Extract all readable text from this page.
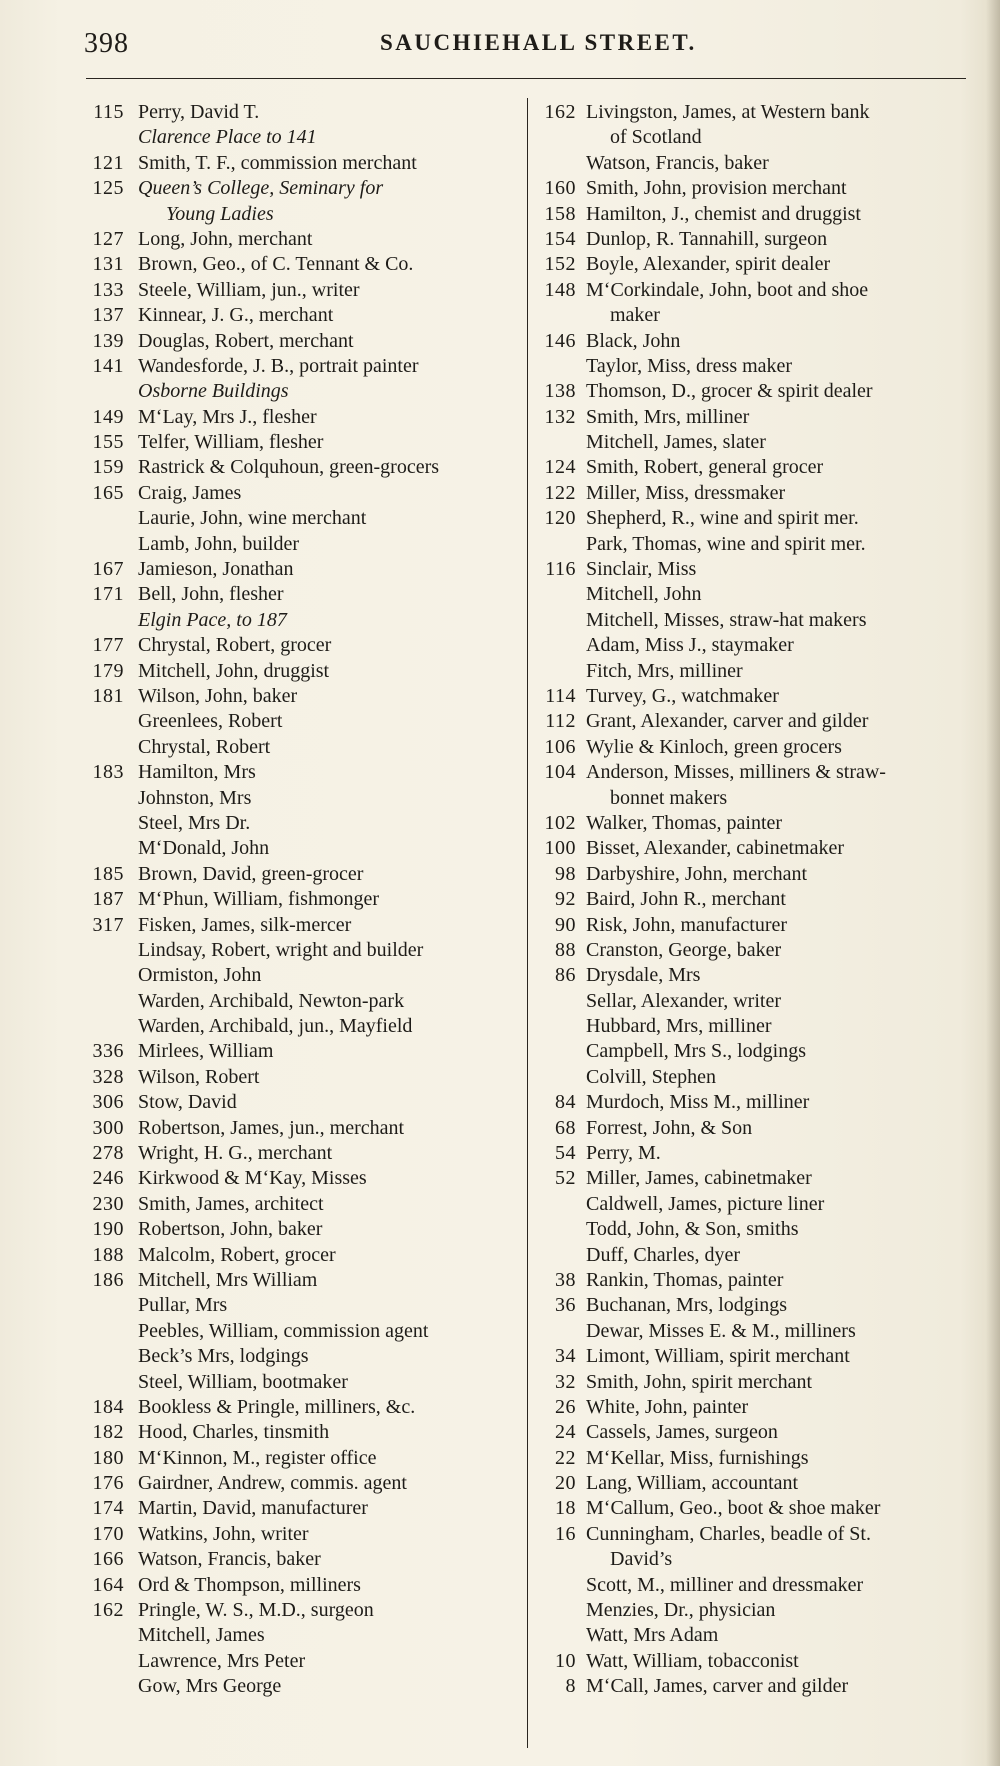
398	SAUCHIEHALL STREET.
115 Perry, David T.
Clarence Place to 141
121 Smith, T. F., commission merchant
125 Queen’s College, Seminary for
Young Ladies
127 Long, John, merchant
131 Brown, Geo., of C. Tennant & Co.
133 Steele, William, jun., writer
137 Kinnear, J. G., merchant
139 Douglas, Robert, merchant
141 Wandesforde, J. B., portrait painter
Osborne Buildings
149 M‘Lay, Mrs J., flesher
155 Telfer, William, flesher
159 Rastrick & Colquhoun, green-grocers
165 Craig, James
Laurie, John, wine merchant
Lamb, John, builder
167 Jamieson, Jonathan
171 Bell, John, flesher
Elgin Pace, to 187
177 Chrystal, Robert, grocer
179 Mitchell, John, druggist
181 Wilson, John, baker
Greenlees, Robert
Chrystal, Robert
183 Hamilton, Mrs
Johnston, Mrs
Steel, Mrs Dr.
M‘Donald, John
185 Brown, David, green-grocer
187 M‘Phun, William, fishmonger
317 Fisken, James, silk-mercer
Lindsay, Robert, wright and builder
Ormiston, John
Warden, Archibald, Newton-park
Warden, Archibald, jun., Mayfield
336 Mirlees, William
328 Wilson, Robert
306 Stow, David
300 Robertson, James, jun., merchant
278 Wright, H. G., merchant
246 Kirkwood & M‘Kay, Misses
230 Smith, James, architect
190 Robertson, John, baker
188 Malcolm, Robert, grocer
186 Mitchell, Mrs William
Pullar, Mrs
Peebles, William, commission agent
Beck’s Mrs, lodgings
Steel, William, bootmaker
184 Bookless & Pringle, milliners, &c.
182 Hood, Charles, tinsmith
180 M‘Kinnon, M., register office
176 Gairdner, Andrew, commis. agent
174 Martin, David, manufacturer
170 Watkins, John, writer
166 Watson, Francis, baker
164 Ord & Thompson, milliners
162 Pringle, W. S., M.D., surgeon
Mitchell, James
Lawrence, Mrs Peter
Gow, Mrs George
162 Livingston, James, at Western bank
of Scotland
Watson, Francis, baker
160 Smith, John, provision merchant
158 Hamilton, J., chemist and druggist
154 Dunlop, R. Tannahill, surgeon
152 Boyle, Alexander, spirit dealer
148 M‘Corkindale, John, boot and shoe
maker
146 Black, John
Taylor, Miss, dress maker
138 Thomson, D., grocer & spirit dealer
132 Smith, Mrs, milliner
Mitchell, James, slater
124 Smith, Robert, general grocer
122 Miller, Miss, dressmaker
120 Shepherd, R., wine and spirit mer.
Park, Thomas, wine and spirit mer.
116 Sinclair, Miss
Mitchell, John
Mitchell, Misses, straw-hat makers
Adam, Miss J., staymaker
Fitch, Mrs, milliner
114 Turvey, G., watchmaker
112 Grant, Alexander, carver and gilder
106 Wylie & Kinloch, green grocers
104 Anderson, Misses, milliners & straw-
bonnet makers
102 Walker, Thomas, painter
100 Bisset, Alexander, cabinetmaker
98 Darbyshire, John, merchant
92 Baird, John R., merchant
90 Risk, John, manufacturer
88 Cranston, George, baker
86 Drysdale, Mrs
Sellar, Alexander, writer
Hubbard, Mrs, milliner
Campbell, Mrs S., lodgings
Colvill, Stephen
84 Murdoch, Miss M., milliner
68 Forrest, John, & Son
54 Perry, M.
52 Miller, James, cabinetmaker
Caldwell, James, picture liner
Todd, John, & Son, smiths
Duff, Charles, dyer
38 Rankin, Thomas, painter
36 Buchanan, Mrs, lodgings
Dewar, Misses E. & M., milliners
34 Limont, William, spirit merchant
32 Smith, John, spirit merchant
26 White, John, painter
24 Cassels, James, surgeon
22 M‘Kellar, Miss, furnishings
20 Lang, William, accountant
18 M‘Callum, Geo., boot & shoe maker
16 Cunningham, Charles, beadle of St.
David’s
Scott, M., milliner and dressmaker
Menzies, Dr., physician
Watt, Mrs Adam
10 Watt, William, tobacconist
8 M‘Call, James, carver and gilder
